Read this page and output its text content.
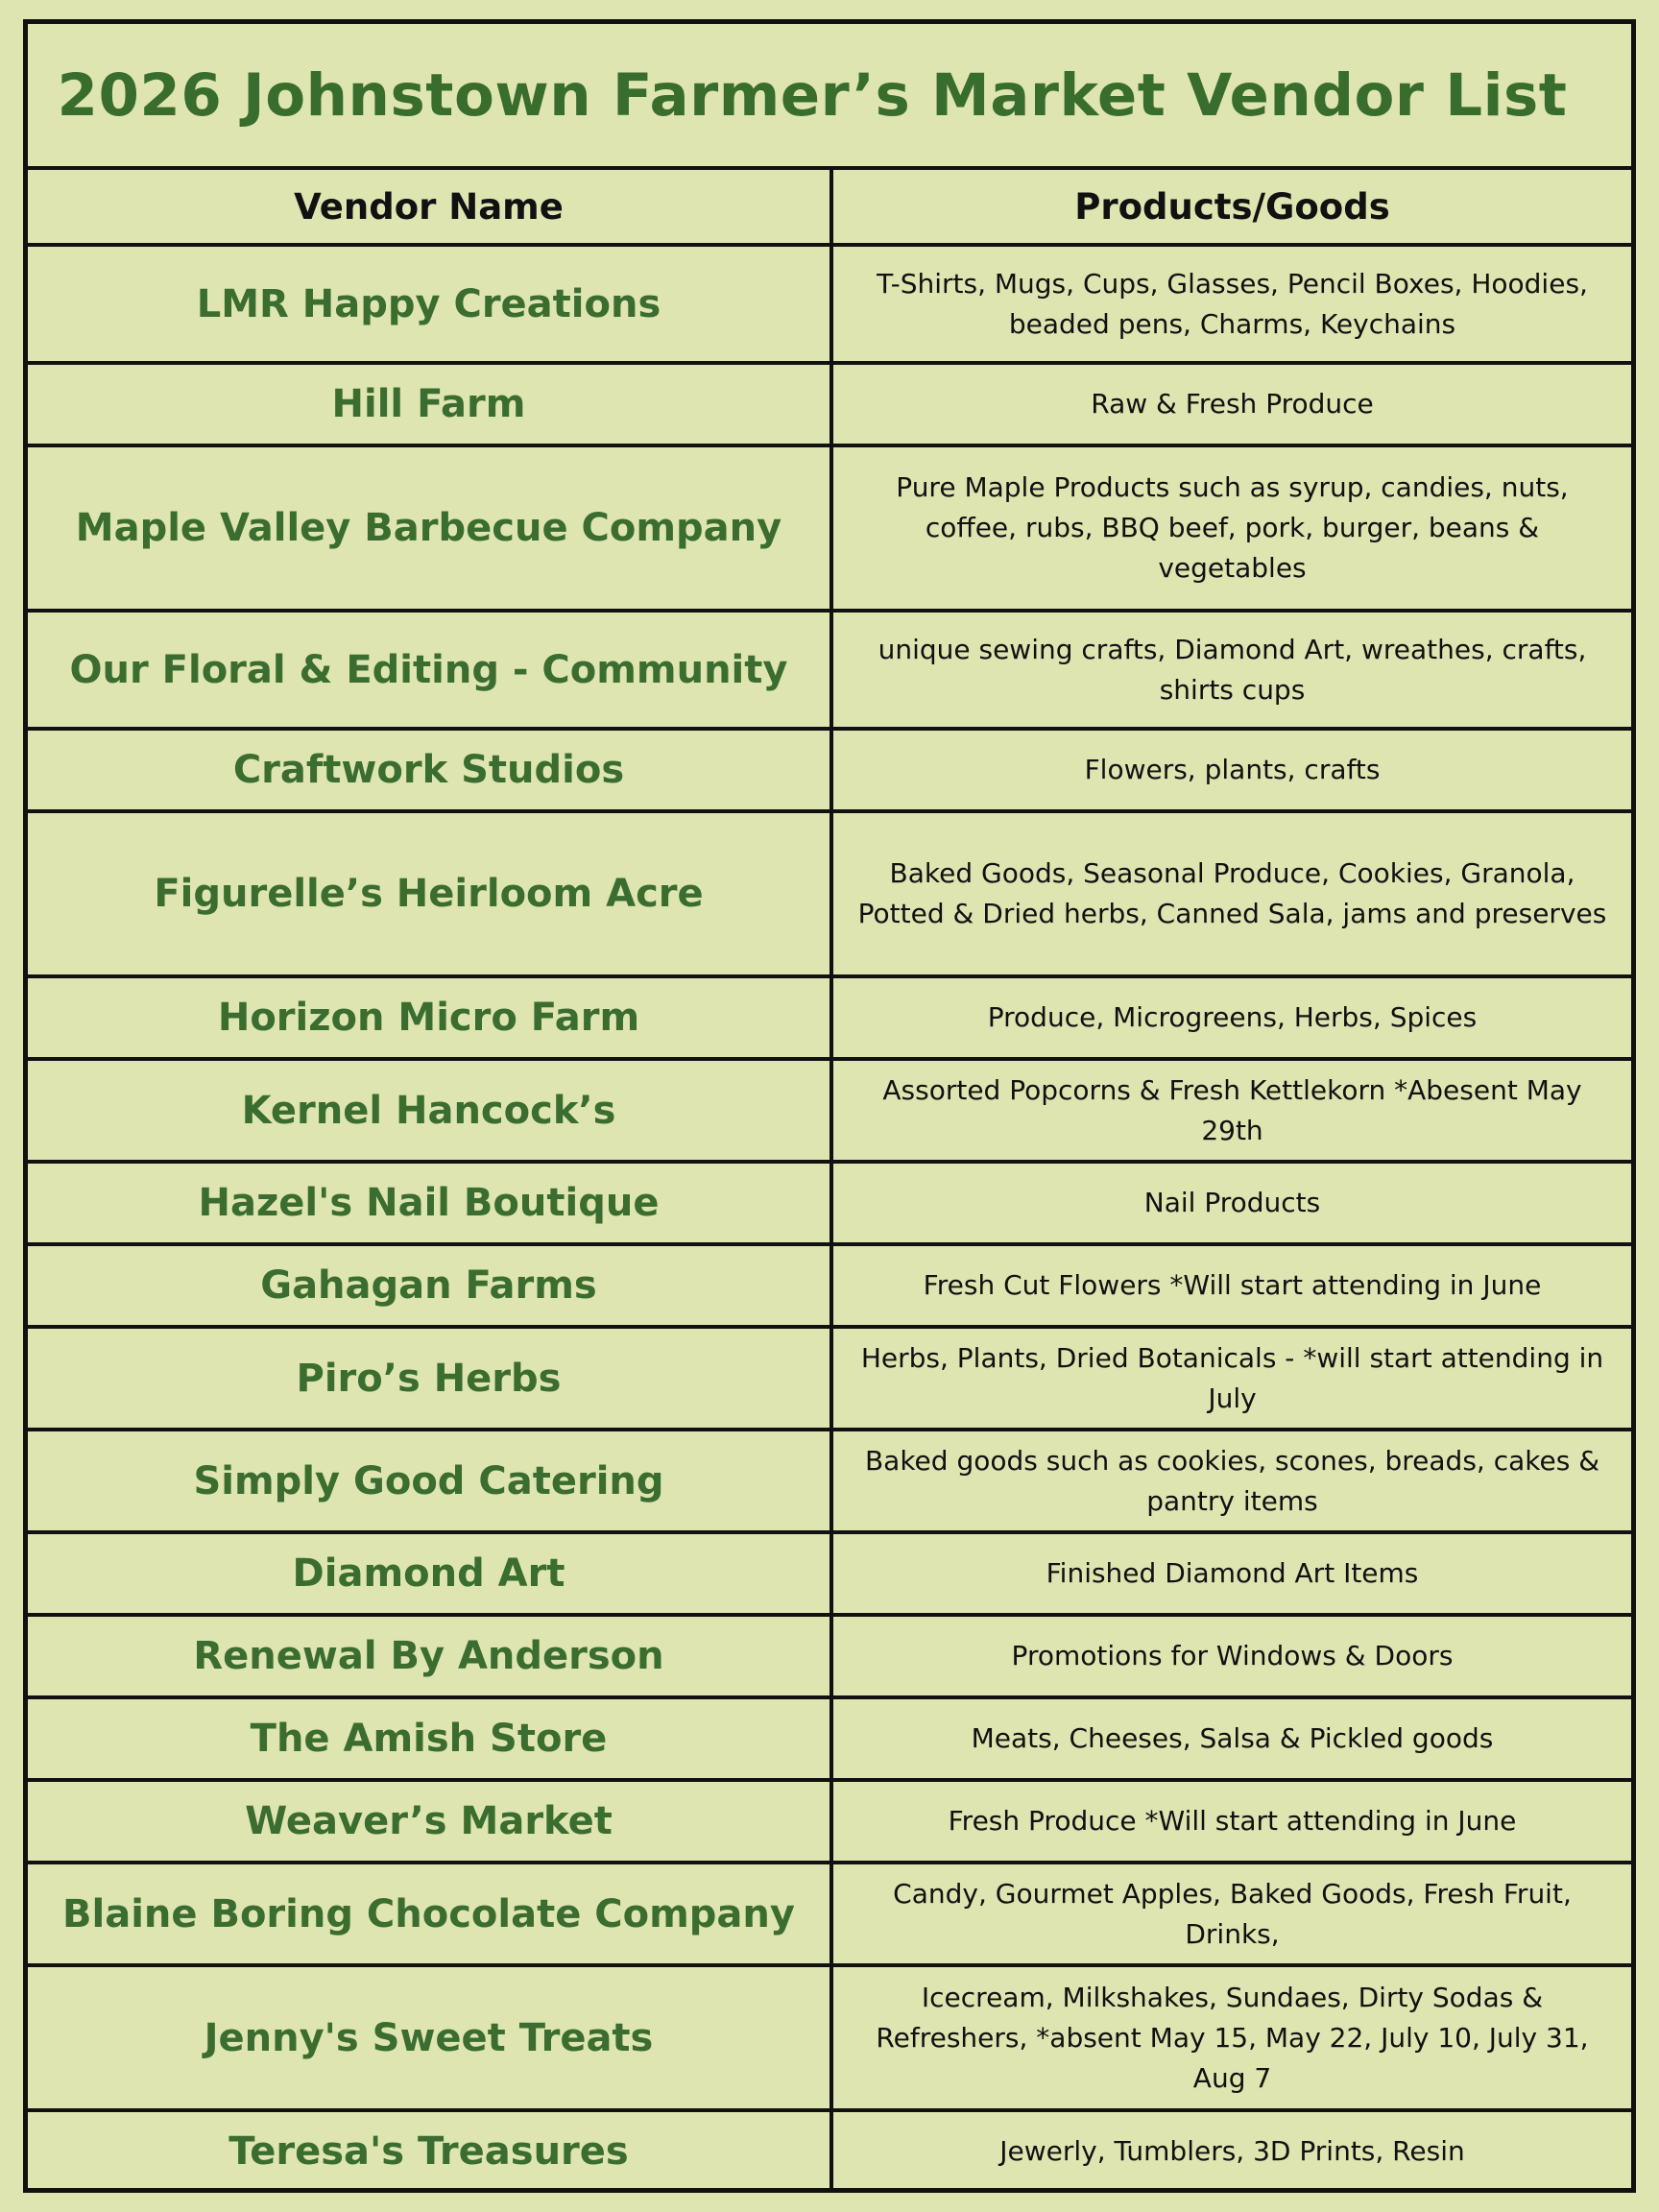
2026 Johnstown Farmer’s Market Vendor List
Vendor Name	Products/Goods
LMR Happy Creations	T-Shirts, Mugs, Cups, Glasses, Pencil Boxes, Hoodies, beaded pens, Charms, Keychains
Hill Farm	Raw & Fresh Produce
Maple Valley Barbecue Company	Pure Maple Products such as syrup, candies, nuts, coffee, rubs, BBQ beef, pork, burger, beans & vegetables
Our Floral & Editing - Community	unique sewing crafts, Diamond Art, wreathes, crafts, shirts cups
Craftwork Studios	Flowers, plants, crafts
Figurelle’s Heirloom Acre	Baked Goods, Seasonal Produce, Cookies, Granola, Potted & Dried herbs, Canned Sala, jams and preserves
Horizon Micro Farm	Produce, Microgreens, Herbs, Spices
Kernel Hancock’s	Assorted Popcorns & Fresh Kettlekorn *Abesent May 29th
Hazel's Nail Boutique	Nail Products
Gahagan Farms	Fresh Cut Flowers *Will start attending in June
Piro’s Herbs	Herbs, Plants, Dried Botanicals - *will start attending in July
Simply Good Catering	Baked goods such as cookies, scones, breads, cakes & pantry items
Diamond Art	Finished Diamond Art Items
Renewal By Anderson	Promotions for Windows & Doors
The Amish Store	Meats, Cheeses, Salsa & Pickled goods
Weaver’s Market	Fresh Produce *Will start attending in June
Blaine Boring Chocolate Company	Candy, Gourmet Apples, Baked Goods, Fresh Fruit, Drinks,
Jenny's Sweet Treats	Icecream, Milkshakes, Sundaes, Dirty Sodas & Refreshers, *absent May 15, May 22, July 10, July 31, Aug 7
Teresa's Treasures	Jewerly, Tumblers, 3D Prints, Resin
